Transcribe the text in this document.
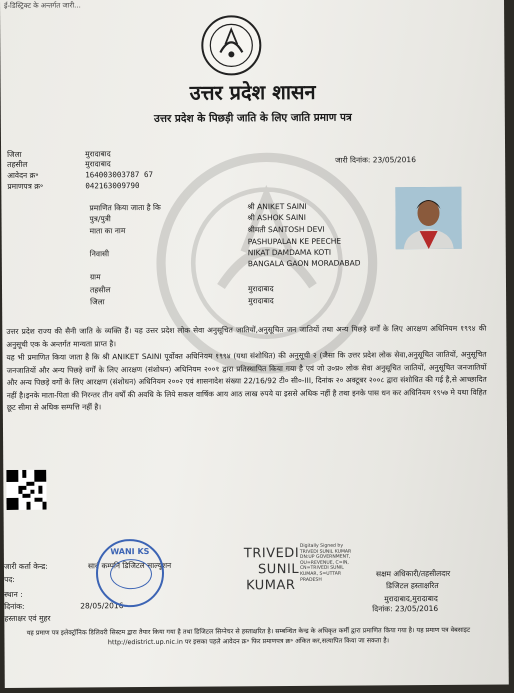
ई-डिस्ट्रिक्ट के अन्तर्गत जारी...
उत्तर प्रदेश शासन
उत्तर प्रदेश के पिछड़ी जाति के लिए जाति प्रमाण पत्र
जिला	मुरादाबाद
तहसील	मुरादाबाद
आवेदन क्र॰	164003003787 67
प्रमाणपत्र क्र॰	042163009790
जारी दिनांक: 23/05/2016
प्रमाणित किया जाता है कि	श्री ANIKET SAINI
पुत्र/पुत्री	श्री ASHOK SAINI
माता का नाम	श्रीमती SANTOSH DEVI
PASHUPALAN KE PEECHE
निवासी	NIKAT DAMDAMA KOTI
BANGALA GAON MORADABAD
ग्राम
तहसील	मुरादाबाद
जिला	मुरादाबाद
उत्तर प्रदेश राज्य की सैनी जाति के व्यक्ति हैं। यह उत्तर प्रदेश लोक सेवा अनुसूचित जातियों,अनुसूचित जन जातियों तथा अन्य पिछड़े वर्गों के लिए आरक्षण अधिनियम १९९४ की अनुसूची एक के अन्तर्गत मान्यता प्राप्त है।
यह भी प्रमाणित किया जाता है कि श्री ANIKET SAINI पूर्वोक्त अधिनियम १९९४ (यथा संशोधित) की अनुसूची २ (जैसा कि उत्तर प्रदेश लोक सेवा,अनुसूचित जातियों, अनुसूचित जनजातियों और अन्य पिछड़े वर्गों के लिए आरक्षण (संशोधन) अधिनियम २००१ द्वारा प्रतिस्थापित किया गया है एवं जो उ०प्र० लोक सेवा अनुसूचित जातियों, अनुसूचित जनजातियों और अन्य पिछड़े वर्गों के लिए आरक्षण (संशोधन) अधिनियम २००२ एवं शासनादेश संख्या 22/16/92 टी० सी०-III, दिनांक २० अक्टूबर २००८ द्वारा संशोधित की गई है,से आच्छादित नहीं है।इनके माता-पिता की निरन्तर तीन वर्षों की अवधि के लिये सकल वार्षिक आय आठ लाख रुपये या इससे अधिक नहीं है तथा इनके पास धन कर अधिनियम १९५७ मे यथा विहित छूट सीमा से अधिक सम्पत्ति नहीं है।
जारी कर्ता केन्द्र:	सार्व कम्पनि डिजिटल साल्यूशन
पद:
स्थान :
दिनांक:	28/05/2016
हस्ताक्षर एवं मुहर
WANI KS	TRIVEDI
SUNIL
KUMAR
Digitally Signed by TRIVEDI SUNIL KUMAR DN:UP GOVERNMENT, OU=REVENUE, C=IN, CN=TRIVEDI SUNIL KUMAR, S=UTTAR PRADESH
सक्षम अधिकारी/तहसीलदार
डिजिटल हस्ताक्षरित
मुरादाबाद,मुरादाबाद
दिनांक: 23/05/2016
यह प्रमाण पत्र इलेक्ट्रॉनिक डिलिवरी सिस्टम द्वारा तैयार किया गया है तथा डिजिटल सिग्नेचर से हस्ताक्षरित है। सम्बन्धित केन्द्र के अधिकृत कर्मी द्वारा प्रमाणित किया गया है। यह प्रमाण पत्र वेबसाइट http://edistrict.up.nic.in पर इसका पहले आवेदन क्र॰ फिर प्रमाणपत्र क्र॰ अंकित कर,सत्यापित किया जा सकता है।
